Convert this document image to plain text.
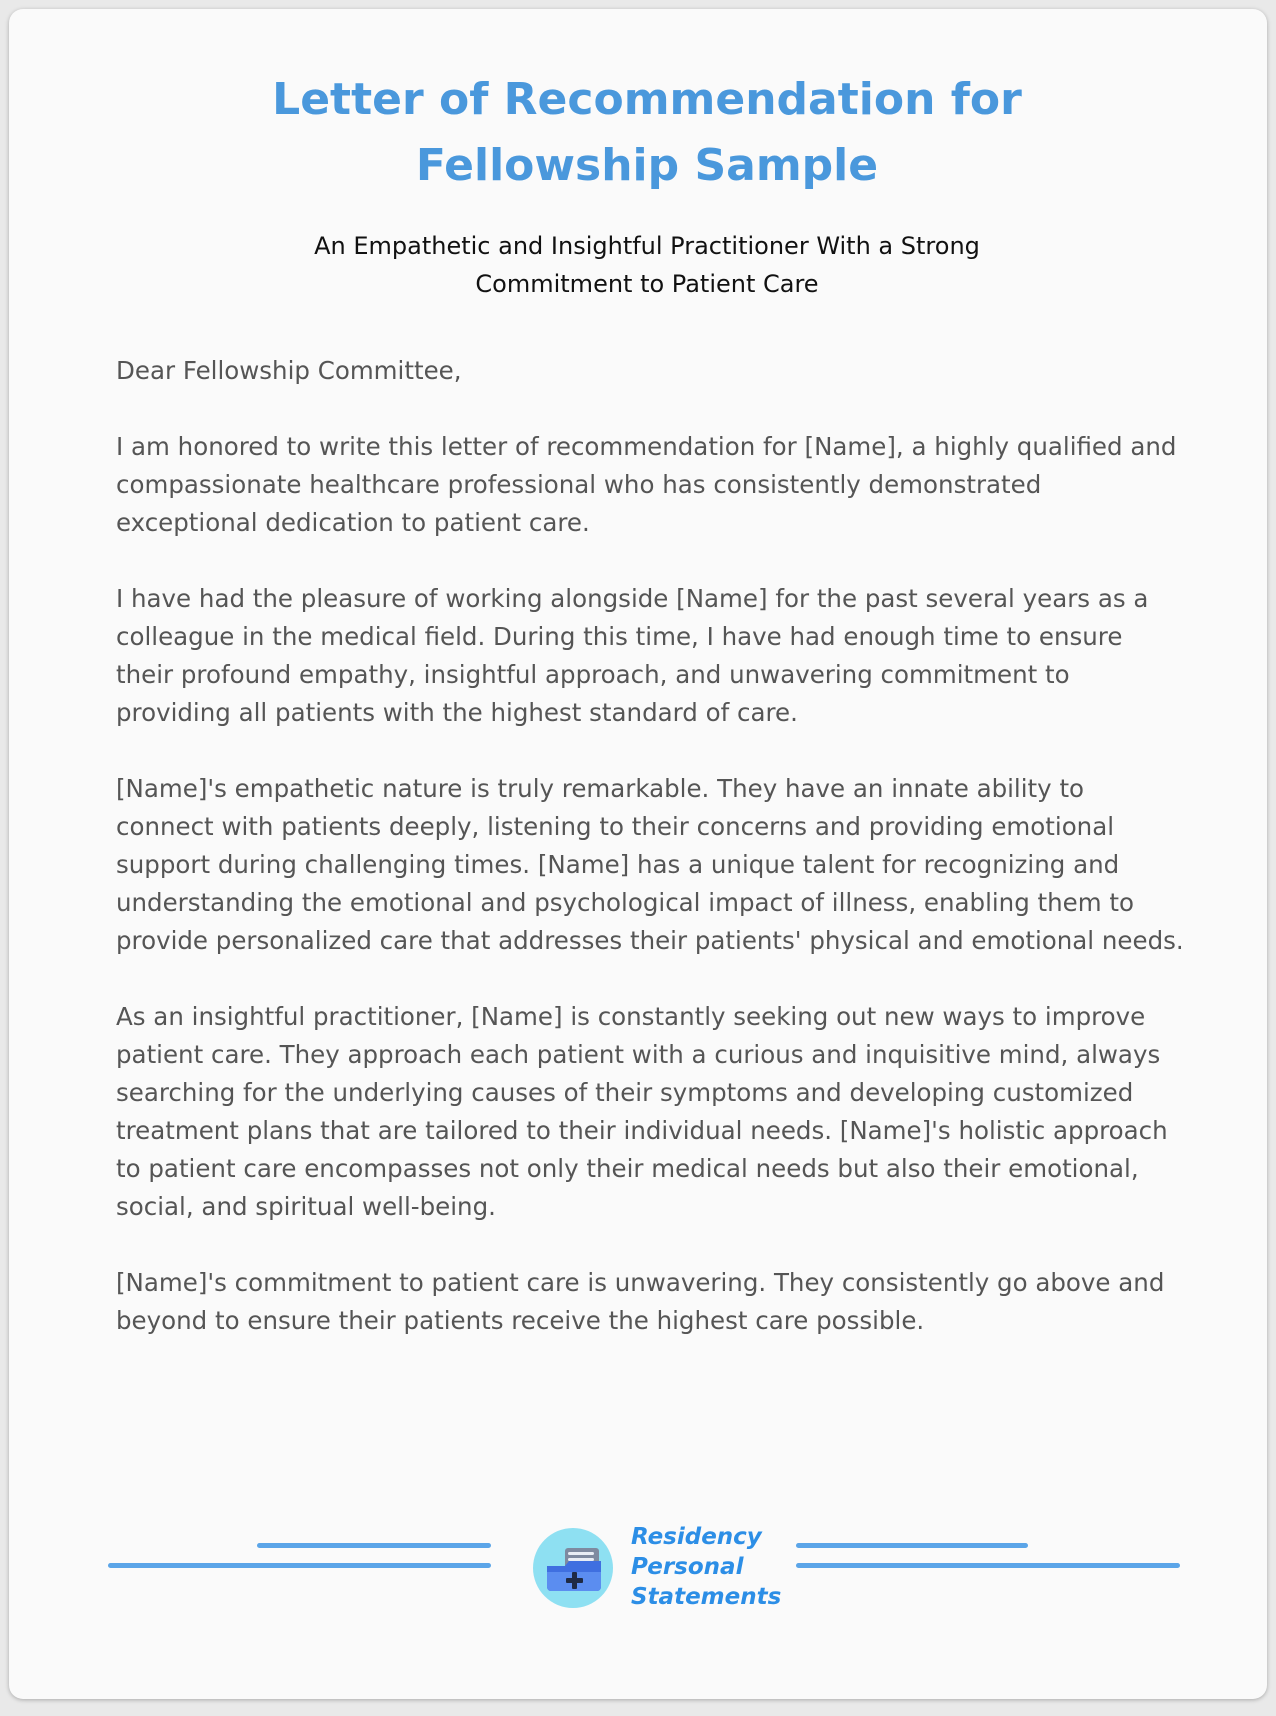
Letter of Recommendation for
Fellowship Sample
An Empathetic and Insightful Practitioner With a Strong
Commitment to Patient Care

Dear Fellowship Committee,

I am honored to write this letter of recommendation for [Name], a highly qualified and compassionate healthcare professional who has consistently demonstrated exceptional dedication to patient care.

I have had the pleasure of working alongside [Name] for the past several years as a colleague in the medical field. During this time, I have had enough time to ensure their profound empathy, insightful approach, and unwavering commitment to providing all patients with the highest standard of care.

[Name]'s empathetic nature is truly remarkable. They have an innate ability to connect with patients deeply, listening to their concerns and providing emotional support during challenging times. [Name] has a unique talent for recognizing and understanding the emotional and psychological impact of illness, enabling them to provide personalized care that addresses their patients' physical and emotional needs.

As an insightful practitioner, [Name] is constantly seeking out new ways to improve patient care. They approach each patient with a curious and inquisitive mind, always searching for the underlying causes of their symptoms and developing customized treatment plans that are tailored to their individual needs. [Name]'s holistic approach to patient care encompasses not only their medical needs but also their emotional, social, and spiritual well-being.

[Name]'s commitment to patient care is unwavering. They consistently go above and beyond to ensure their patients receive the highest care possible.

Residency
Personal
Statements
